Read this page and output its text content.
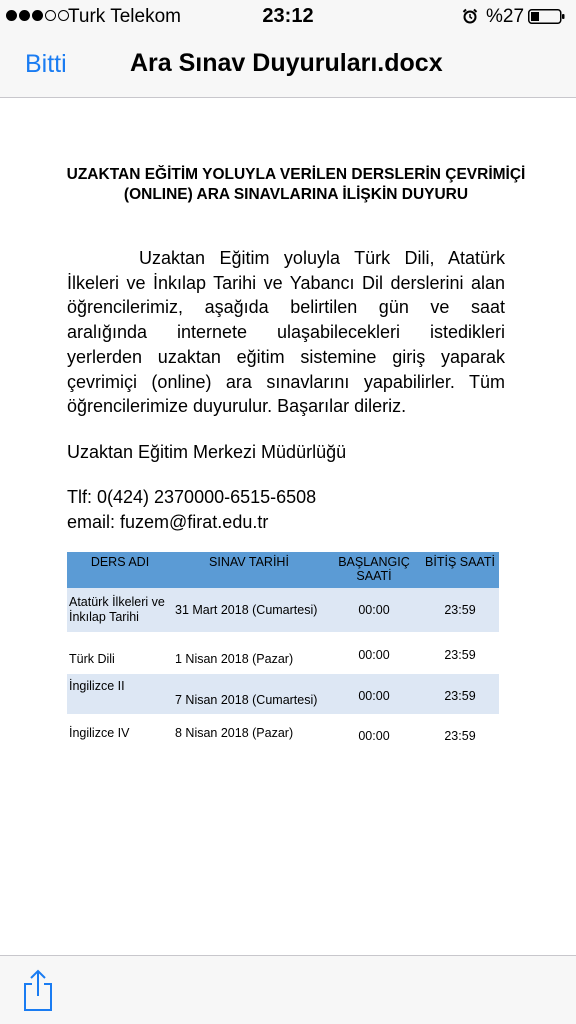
Turk Telekom	23:12	%27
Bitti	Ara Sınav Duyuruları.docx
UZAKTAN EĞİTİM YOLUYLA VERİLEN DERSLERİN ÇEVRİMİÇİ (ONLINE) ARA SINAVLARINA İLİŞKİN DUYURU

Uzaktan Eğitim yoluyla Türk Dili, Atatürk İlkeleri ve İnkılap Tarihi ve Yabancı Dil derslerini alan öğrencilerimiz, aşağıda belirtilen gün ve saat aralığında internete ulaşabilecekleri istedikleri yerlerden uzaktan eğitim sistemine giriş yaparak çevrimiçi (online) ara sınavlarını yapabilirler. Tüm öğrencilerimize duyurulur. Başarılar dileriz.

Uzaktan Eğitim Merkezi Müdürlüğü
Tlf: 0(424) 2370000-6515-6508
email: fuzem@firat.edu.tr
DERS ADI	SINAV TARİHİ	BAŞLANGIÇ SAATİ	BİTİŞ SAATİ

Atatürk İlkeleri ve İnkılap Tarihi	31 Mart 2018 (Cumartesi)	00:00	23:59

Türk Dili	1 Nisan 2018 (Pazar)	00:00	23:59

İngilizce II	7 Nisan 2018 (Cumartesi)	00:00	23:59

İngilizce IV	8 Nisan 2018 (Pazar)	00:00	23:59
